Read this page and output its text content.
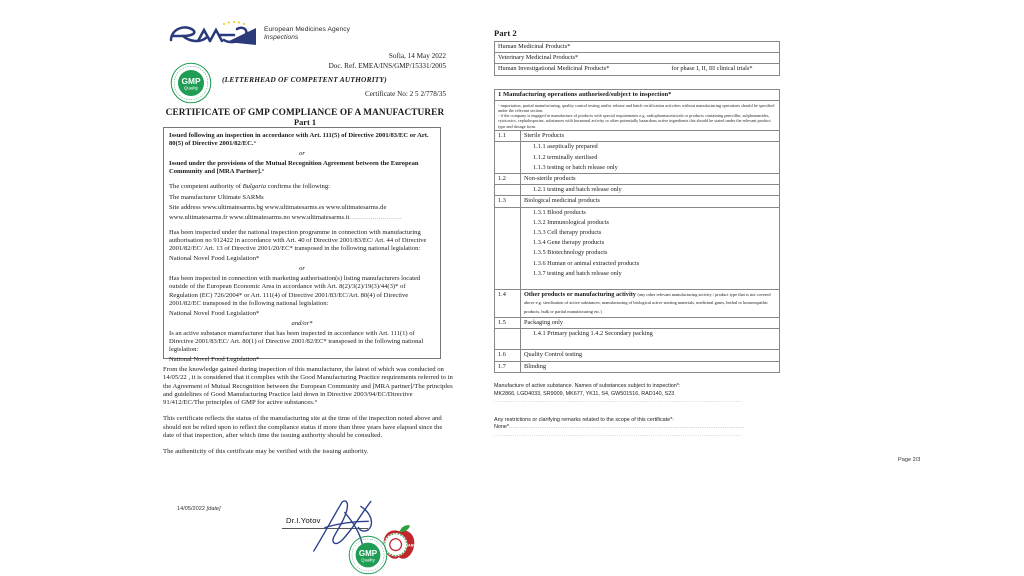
European Medicines Agency
Inspections
Sofia, 14 May 2022
Doc. Ref. EMEA/INS/GMP/15331/2005
GMP
Quality
(LETTERHEAD OF COMPETENT AUTHORITY)
Certificate No: 2 5 2/778/35
CERTIFICATE OF GMP COMPLIANCE OF A MANUFACTURER
Part 1

Issued following an inspection in accordance with Art. 111(5) of Directive 2001/83/EC or Art. 80(5) of Directive 2001/82/EC.°

or

Issued under the provisions of the Mutual Recognition Agreement between the European Community and [MRA Partner].°

The competent authority of Bulgaria confirms the following:

The manufacturer Ultimate SARMs

Site address www.ultimatesarms.bg www.ultimatesarms.es www.ultimatesarms.de

www.ultimatesarms.fr www.ultimatesarms.no www.ultimatesarms.it...........................

Has been inspected under the national inspection programme in connection with manufacturing authorisation no 912422 in accordance with Art. 40 of Directive 2001/83/EC/ Art. 44 of Directive 2001/82/EC/ Art. 13 of Directive 2001/20/EC* transposed in the following national legislation:

National Novel Food Legislation*

or

Has been inspected in connection with marketing authorisation(s) listing manufacturers located outside of the European Economic Area in accordance with Art. 8(2)/3(2)/19(3)/44(3)* of Regulation (EC) 726/2004* or Art. 111(4) of Directive 2001/83/EC/Art. 80(4) of Directive 2001/82/EC transposed in the following national legislation:

National Novel Food Legislation*

and/or*

Is an active substance manufacturer that has been inspected in accordance with Art. 111(1) of Directive 2001/83/EC/ Art. 80(1) of Directive 2001/82/EC* transposed in the following national legislation:

National Novel Food Legislation*

From the knowledge gained during inspection of this manufacturer, the latest of which was conducted on 14/05/22 , it is considered that it complies with the Good Manufacturing Practice requirements referred to in the Agreement of Mutual Recognition between the European Community and [MRA partner]/The principles and guidelines of Good Manufacturing Practice laid down in Directive 2003/94/EC/Directive 91/412/EC/The principles of GMP for active substances.°

This certificate reflects the status of the manufacturing site at the time of the inspection noted above and should not be relied upon to reflect the compliance status if more than three years have elapsed since the date of that inspection, after which time the issuing authority should be consulted.

The authenticity of this certificate may be verified with the issuing authority.

14/05/2022 [date]
Dr.I.Yotov
BABH
GMP
Quality
Part 2
Human Medicinal Products*
Veterinary Medicinal Products*
Human Investigational Medicinal Products*	for phase I, II, III clinical trials*
1 Manufacturing operations authorised/subject to inspection*	

- importation, partial manufacturing, quality control testing and/or release and batch certification activities without manufacturing operations should be specified under the relevant section.
- if the company is engaged in manufacture of products with special requirements e.g. radiopharmaceuticals or products containing penicillin, sulphonamides, cytotoxics, cephalosporins, substances with hormonal activity or other potentially hazardous active ingredients this should be stated under the relevant product type and dosage form.	

1.1	Sterile Products
	1.1.1 aseptically prepared
	1.1.2 terminally sterilised
	1.1.3 testing or batch release only
1.2	Non-sterile products
	1.2.1 testing and batch release only
1.3	Biological medicinal products
	1.3.1 Blood products
	1.3.2 Immunological products
	1.3.3 Cell therapy products
	1.3.4 Gene therapy products
	1.3.5 Biotechnology products
	1.3.6 Human or animal extracted products
	1.3.7 testing and batch release only

1.4	Other products or manufacturing activity (any other relevant manufacturing activity / product type that is not covered above e.g. sterilisation of active substances, manufacturing of biological active starting materials, medicinal gases, herbal or homoeopathic products, bulk or partial manufacturing etc.)
1.5	Packaging only
	1.4.1 Primary packing 1.4.2 Secondary packing

1.6	Quality Control testing
1.7	Blinding
Manufacture of active substance. Names of substances subject to inspection*:
MK2866, LGD4033, SR9009, MK677, YK11, S4, GW501516, RAD140, S23
...................................................................................................................................
Any restrictions or clarifying remarks related to the scope of this certificate*:
None*...................................................................................................................................
...................................................................................................................................
Page 2/3
